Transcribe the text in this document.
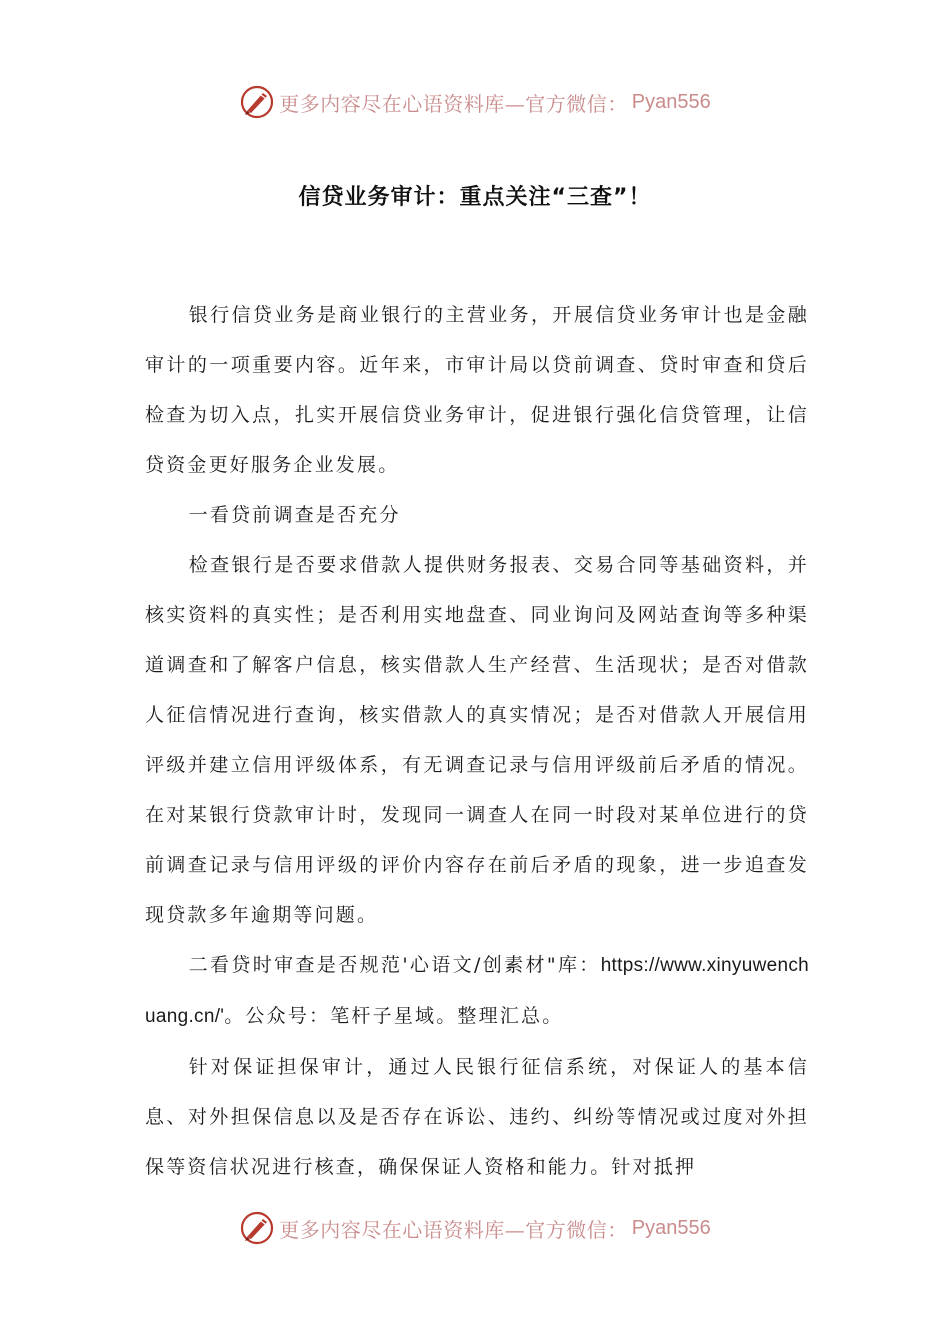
更多内容尽在心语资料库—官方微信： Pyan556
信贷业务审计：重点关注“三查”！

银行信贷业务是商业银行的主营业务，开展信贷业务审计也是金融审计的一项重要内容。近年来，市审计局以贷前调查、贷时审查和贷后检查为切入点，扎实开展信贷业务审计，促进银行强化信贷管理，让信贷资金更好服务企业发展。

一看贷前调查是否充分

检查银行是否要求借款人提供财务报表、交易合同等基础资料，并核实资料的真实性；是否利用实地盘查、同业询问及网站查询等多种渠道调查和了解客户信息，核实借款人生产经营、生活现状；是否对借款人征信情况进行查询，核实借款人的真实情况；是否对借款人开展信用评级并建立信用评级体系，有无调查记录与信用评级前后矛盾的情况。在对某银行贷款审计时，发现同一调查人在同一时段对某单位进行的贷前调查记录与信用评级的评价内容存在前后矛盾的现象，进一步追查发现贷款多年逾期等问题。

二看贷时审查是否规范'心语文/创素材"库：https://www.xinyuwenchuang.cn/'。公众号：笔杆子星域。整理汇总。

针对保证担保审计，通过人民银行征信系统，对保证人的基本信息、对外担保信息以及是否存在诉讼、违约、纠纷等情况或过度对外担保等资信状况进行核查，确保保证人资格和能力。针对抵押

更多内容尽在心语资料库—官方微信： Pyan556
